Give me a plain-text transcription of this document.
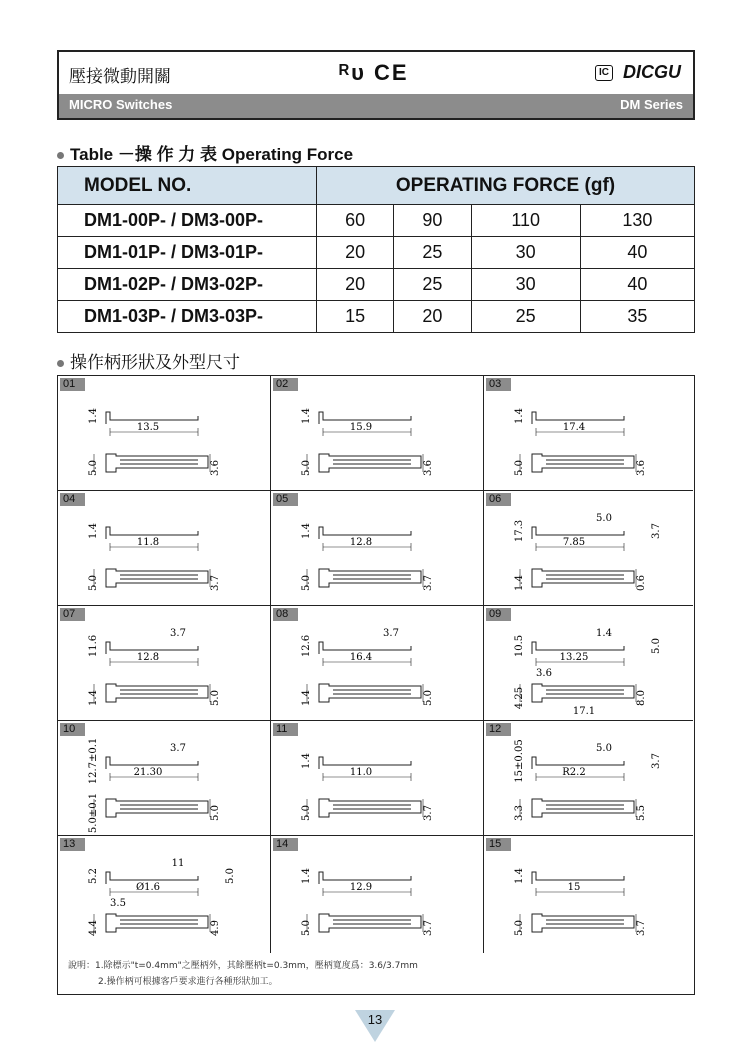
壓接微動開關	ᴿᴜ CE	IC DICGU
MICRO Switches	DM Series
Table －操 作 力 表 Operating Force
MODEL NO.	OPERATING FORCE (gf)			
DM1-00P- / DM3-00P-	60	90	110	130
DM1-01P- / DM3-01P-	20	25	30	40
DM1-02P- / DM3-02P-	20	25	30	40
DM1-03P- / DM3-03P-	15	20	25	35
操作柄形狀及外型尺寸
13.5
1.4
5.0	3.6
01
15.9
1.4
5.0	3.6
02
17.4
1.4
5.0	3.6
03
11.8
1.4
5.0	3.7
04
12.8
1.4
5.0	3.7
05
7.85
17.3
1.4	0.6
5.0
3.7
06
12.8
11.6
1.4	5.0
3.7
07
16.4
12.6
1.4	5.0
3.7
08
13.25
10.5
4.25	8.0
1.4
5.0
3.6
17.1
09
21.30
12.7±0.1
5.0±0.1	5.0
3.7
10
11.0
1.4
5.0	3.7
11
R2.2
15±0.05
3.3	5.5
5.0
3.7
12
Ø1.6
5.2
4.4	4.9
11
5.0
3.5
13
12.9
1.4
5.0	3.7
14
15
1.4
5.0	3.7
15
說明：1.除標示"t=0.4mm"之壓柄外，其餘壓柄t=0.3mm，壓柄寬度爲：3.6/3.7mm
2.操作柄可根據客戶要求進行各種形狀加工。
13
